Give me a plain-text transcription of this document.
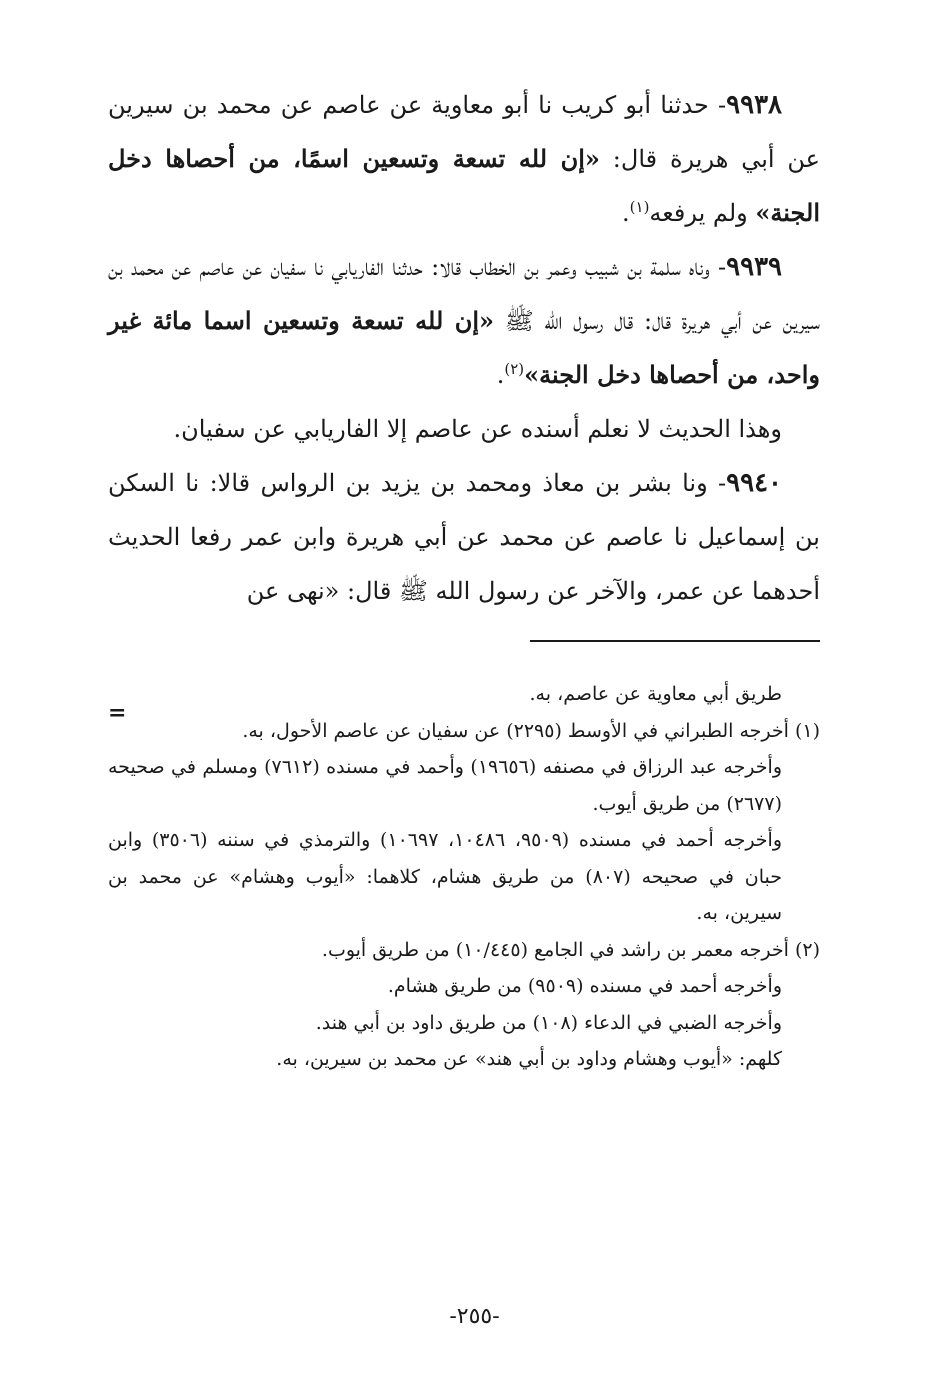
٩٩٣٨- حدثنا أبو كريب نا أبو معاوية عن عاصم عن محمد بن سيرين عن أبي هريرة قال: «إن لله تسعة وتسعين اسمًا، من أحصاها دخل الجنة» ولم يرفعه$^{(١)}$.

٩٩٣٩- وناه سلمة بن شبيب وعمر بن الخطاب قالا: حدثنا الفاريابي نا سفيان عن عاصم عن محمد بن سيرين عن أبي هريرة قال: قال رسول الله ﷺ «إن لله تسعة وتسعين اسما مائة غير واحد، من أحصاها دخل الجنة»$^{(٢)}$.

وهذا الحديث لا نعلم أسنده عن عاصم إلا الفاريابي عن سفيان.

٩٩٤٠- ونا بشر بن معاذ ومحمد بن يزيد بن الرواس قالا: نا السكن بن إسماعيل نا عاصم عن محمد عن أبي هريرة وابن عمر رفعا الحديث أحدهما عن عمر، والآخر عن رسول الله ﷺ قال: «نهى عن

=

طريق أبي معاوية عن عاصم، به.

(١) أخرجه الطبراني في الأوسط (٢٢٩٥) عن سفيان عن عاصم الأحول، به.

وأخرجه عبد الرزاق في مصنفه (١٩٦٥٦) وأحمد في مسنده (٧٦١٢) ومسلم في صحيحه (٢٦٧٧) من طريق أيوب.

وأخرجه أحمد في مسنده (٩٥٠٩، ١٠٤٨٦، ١٠٦٩٧) والترمذي في سننه (٣٥٠٦) وابن حبان في صحيحه (٨٠٧) من طريق هشام، كلاهما: «أيوب وهشام» عن محمد بن سيرين، به.

(٢) أخرجه معمر بن راشد في الجامع (١٠/٤٤٥) من طريق أيوب.

وأخرجه أحمد في مسنده (٩٥٠٩) من طريق هشام.

وأخرجه الضبي في الدعاء (١٠٨) من طريق داود بن أبي هند.

كلهم: «أيوب وهشام وداود بن أبي هند» عن محمد بن سيرين، به.

-٢٥٥-
